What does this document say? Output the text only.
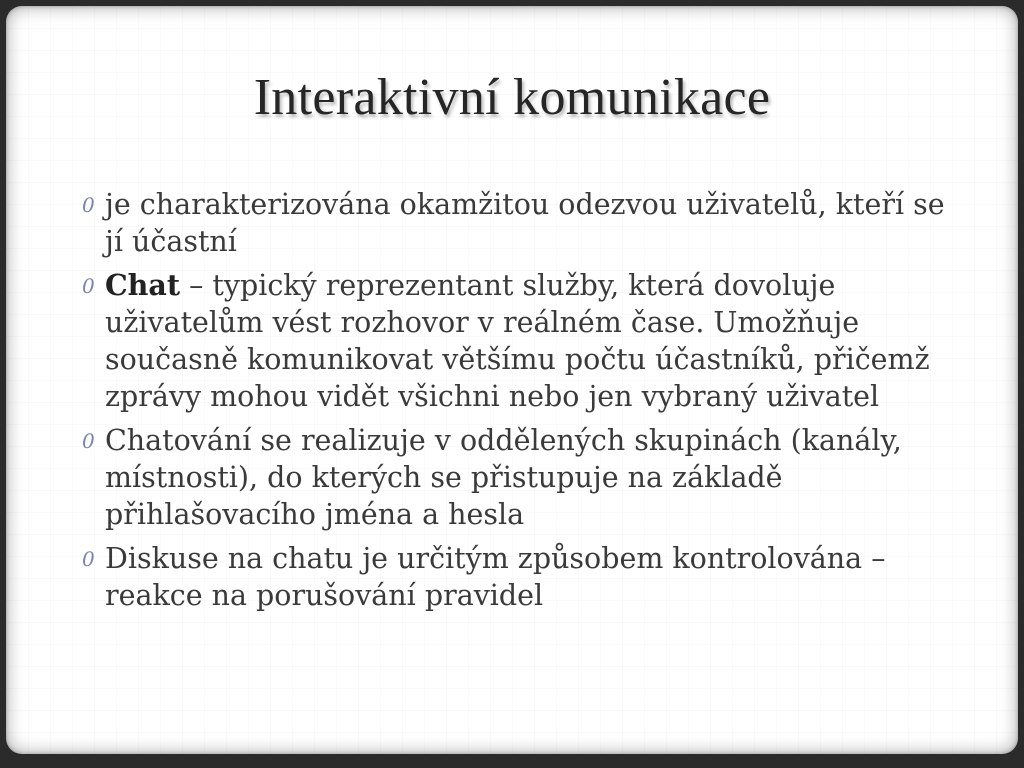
Interaktivní komunikace
0 je charakterizována okamžitou odezvou uživatelů, kteří se jí účastní
0 Chat – typický reprezentant služby, která dovoluje uživatelům vést rozhovor v reálném čase. Umožňuje současně komunikovat většímu počtu účastníků, přičemž zprávy mohou vidět všichni nebo jen vybraný uživatel
0 Chatování se realizuje v oddělených skupinách (kanály, místnosti), do kterých se přistupuje na základě přihlašovacího jména a hesla
0 Diskuse na chatu je určitým způsobem kontrolována – reakce na porušování pravidel
